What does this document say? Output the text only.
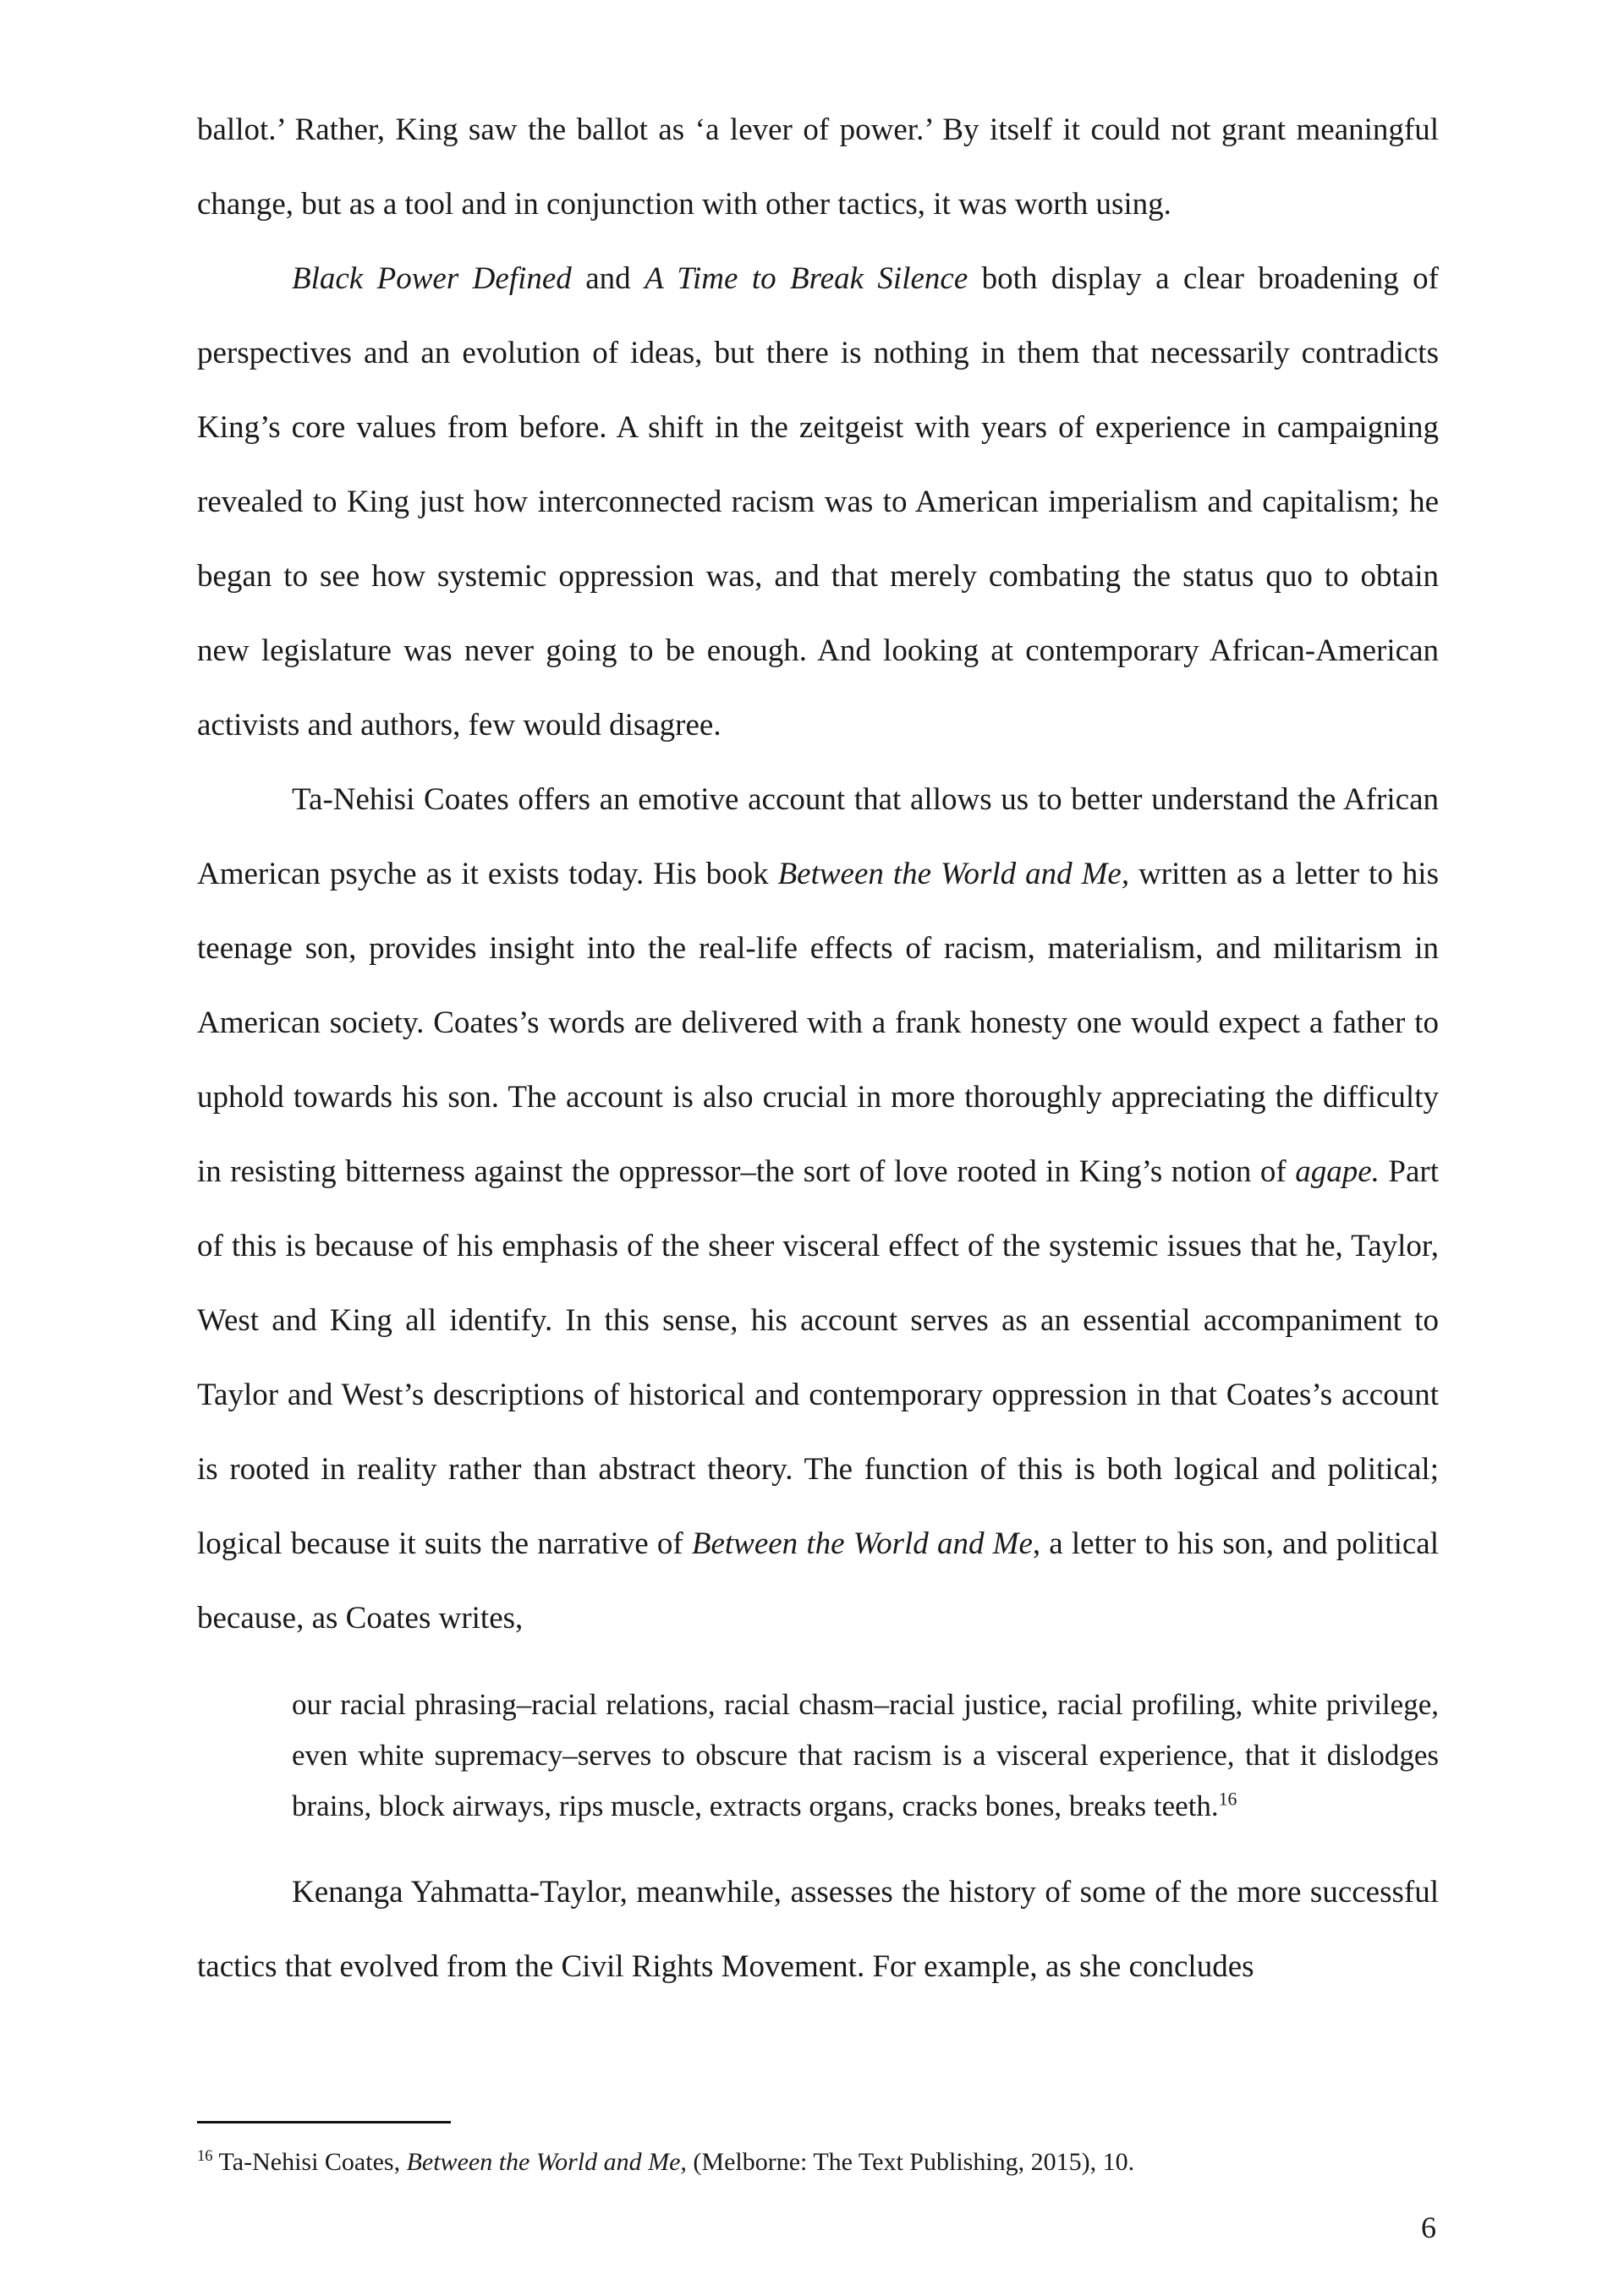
ballot.’ Rather, King saw the ballot as ‘a lever of power.’ By itself it could not grant meaningful change, but as a tool and in conjunction with other tactics, it was worth using.

Black Power Defined and A Time to Break Silence both display a clear broadening of perspectives and an evolution of ideas, but there is nothing in them that necessarily contradicts King’s core values from before. A shift in the zeitgeist with years of experience in campaigning revealed to King just how interconnected racism was to American imperialism and capitalism; he began to see how systemic oppression was, and that merely combating the status quo to obtain new legislature was never going to be enough. And looking at contemporary African-American activists and authors, few would disagree.

Ta-Nehisi Coates offers an emotive account that allows us to better understand the African American psyche as it exists today. His book Between the World and Me, written as a letter to his teenage son, provides insight into the real-life effects of racism, materialism, and militarism in American society. Coates’s words are delivered with a frank honesty one would expect a father to uphold towards his son. The account is also crucial in more thoroughly appreciating the difficulty in resisting bitterness against the oppressor–the sort of love rooted in King’s notion of agape. Part of this is because of his emphasis of the sheer visceral effect of the systemic issues that he, Taylor, West and King all identify. In this sense, his account serves as an essential accompaniment to Taylor and West’s descriptions of historical and contemporary oppression in that Coates’s account is rooted in reality rather than abstract theory. The function of this is both logical and political; logical because it suits the narrative of Between the World and Me, a letter to his son, and political because, as Coates writes,

our racial phrasing–racial relations, racial chasm–racial justice, racial profiling, white privilege, even white supremacy–serves to obscure that racism is a visceral experience, that it dislodges brains, block airways, rips muscle, extracts organs, cracks bones, breaks teeth.$^{16}$

Kenanga Yahmatta-Taylor, meanwhile, assesses the history of some of the more successful tactics that evolved from the Civil Rights Movement. For example, as she concludes

$^{16}$ Ta-Nehisi Coates, Between the World and Me, (Melborne: The Text Publishing, 2015), 10.

6
